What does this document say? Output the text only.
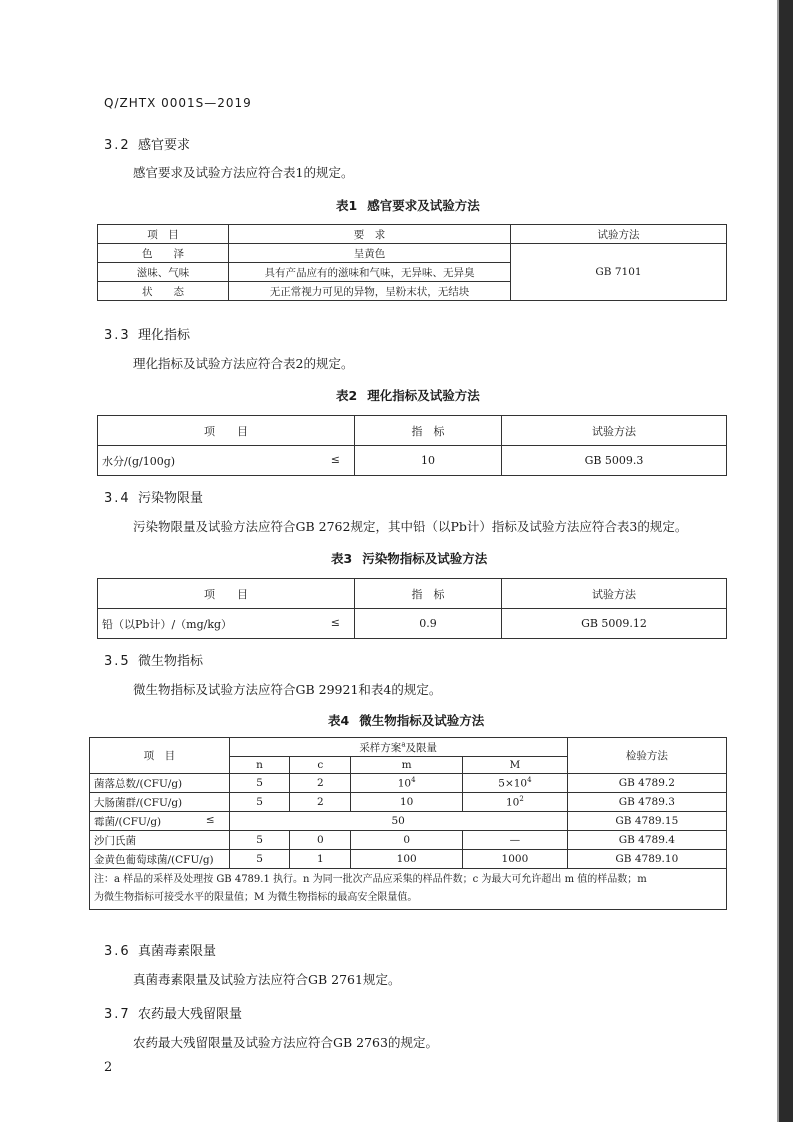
Q/ZHTX 0001S—2019
3.2 感官要求
感官要求及试验方法应符合表1的规定。
表1 感官要求及试验方法
项　目	要　求	试验方法
色　　泽	呈黄色	GB 7101
滋味、气味	具有产品应有的滋味和气味，无异味、无异臭	
状　　态	无正常视力可见的异物，呈粉末状，无结块	
3.3 理化指标
理化指标及试验方法应符合表2的规定。
表2 理化指标及试验方法
项　　目	指　标	试验方法
水分/(g/100g) ≤	10	GB 5009.3
3.4 污染物限量
污染物限量及试验方法应符合GB 2762规定，其中铅（以Pb计）指标及试验方法应符合表3的规定。
表3 污染物指标及试验方法
项　　目	指　标	试验方法
铅（以Pb计）/（mg/kg） ≤	0.9	GB 5009.12
3.5 微生物指标
微生物指标及试验方法应符合GB 29921和表4的规定。
表4 微生物指标及试验方法
项　目	采样方案$^a$及限量				检验方法
	n	c	m	M	
菌落总数/(CFU/g)	5	2	$10^4$	$5\times 10^4$	GB 4789.2
大肠菌群/(CFU/g)	5	2	10	$10^2$	GB 4789.3
霉菌/(CFU/g) ≤	50				GB 4789.15
沙门氏菌	5	0	0	—	GB 4789.4
金黄色葡萄球菌/(CFU/g)	5	1	100	1000	GB 4789.10

注：a 样品的采样及处理按 GB 4789.1 执行。n 为同一批次产品应采集的样品件数；c 为最大可允许超出 m 值的样品数；m
为微生物指标可接受水平的限量值；M 为微生物指标的最高安全限量值。					
3.6 真菌毒素限量
真菌毒素限量及试验方法应符合GB 2761规定。
3.7 农药最大残留限量
农药最大残留限量及试验方法应符合GB 2763的规定。
2
